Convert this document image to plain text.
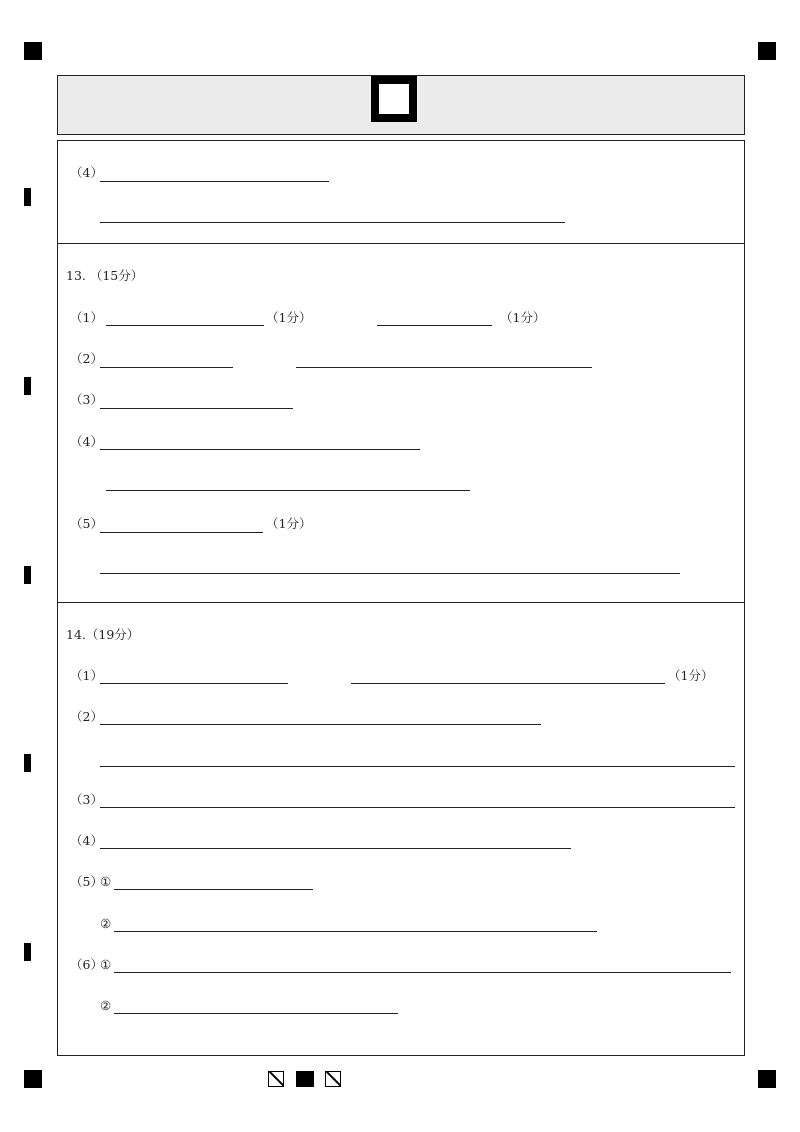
（4）
13. （15分）
（1）	（1分）	（1分）
（2）
（3）
（4）
（5）	（1分）
14.（19分）
（1）	（1分）
（2）
（3）
（4）
（5）
①
②
（6）
①
②
